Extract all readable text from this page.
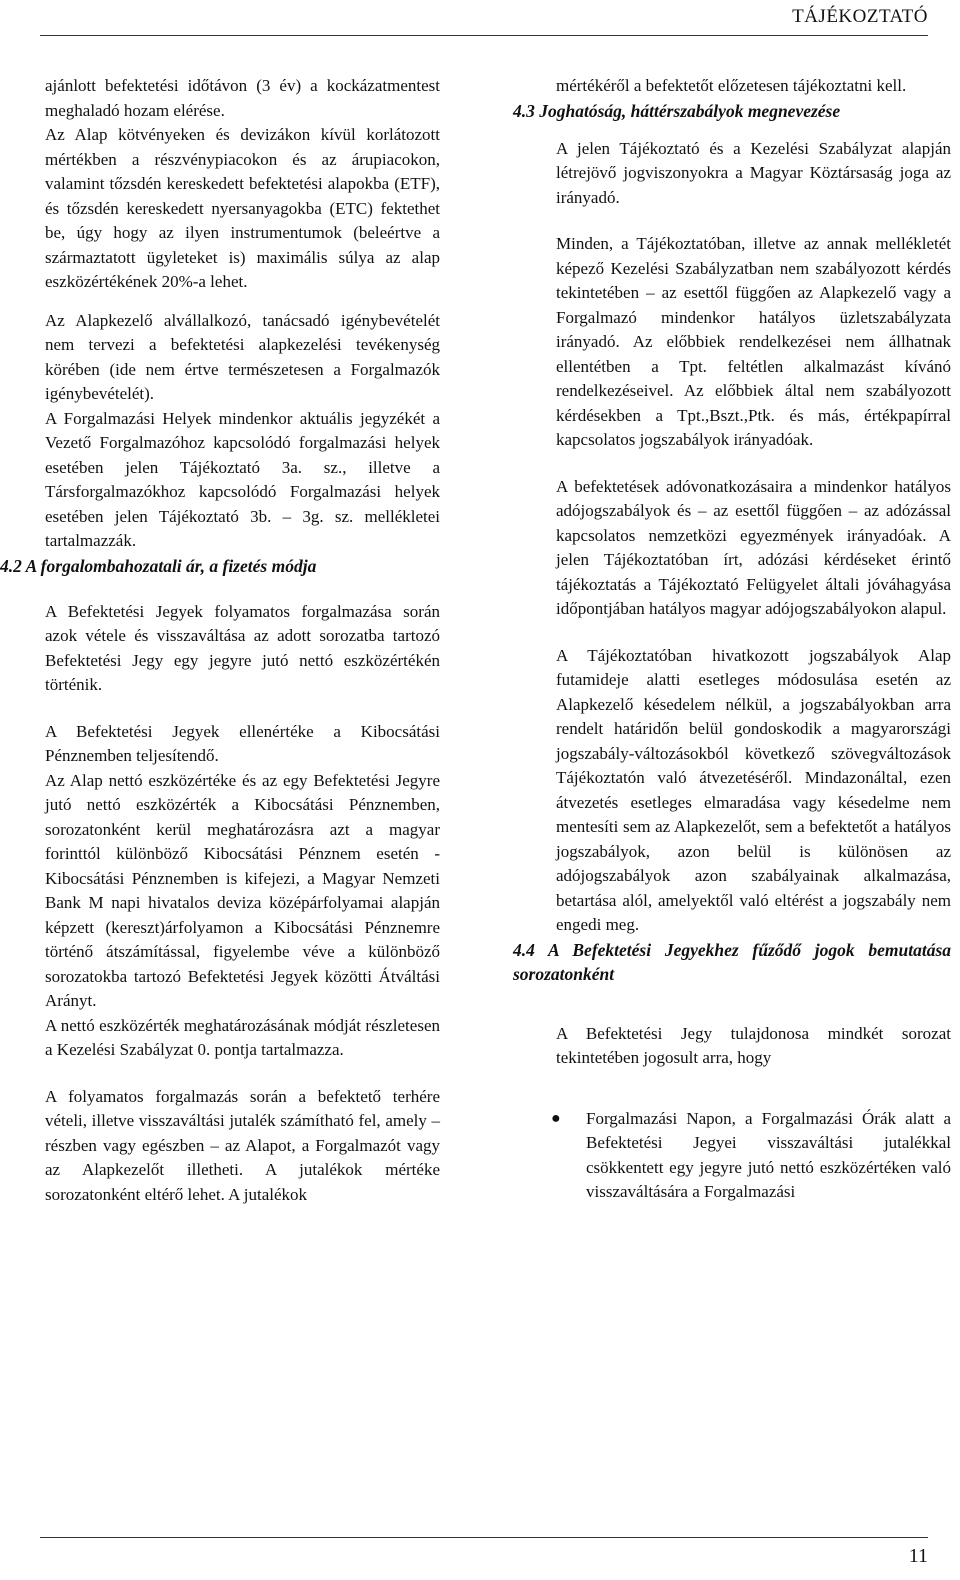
TÁJÉKOZTATÓ

ajánlott befektetési időtávon (3 év) a kockázatmentest meghaladó hozam elérése.

Az Alap kötvényeken és devizákon kívül korlátozott mértékben a részvénypiacokon és az árupiacokon, valamint tőzsdén kereskedett befektetési alapokba (ETF), és tőzsdén kereskedett nyersanyagokba (ETC) fektethet be, úgy hogy az ilyen instrumentumok (beleértve a származtatott ügyleteket is) maximális súlya az alap eszközértékének 20%-a lehet.

Az Alapkezelő alvállalkozó, tanácsadó igénybevételét nem tervezi a befektetési alapkezelési tevékenység körében (ide nem értve természetesen a Forgalmazók igénybevételét).

A Forgalmazási Helyek mindenkor aktuális jegyzékét a Vezető Forgalmazóhoz kapcsolódó forgalmazási helyek esetében jelen Tájékoztató 3a. sz., illetve a Társforgalmazókhoz kapcsolódó Forgalmazási helyek esetében jelen Tájékoztató 3b. – 3g. sz. mellékletei tartalmazzák.

4.2 A forgalombahozatali ár, a fizetés módja

A Befektetési Jegyek folyamatos forgalmazása során azok vétele és visszaváltása az adott sorozatba tartozó Befektetési Jegy egy jegyre jutó nettó eszközértékén történik.

A Befektetési Jegyek ellenértéke a Kibocsátási Pénznemben teljesítendő.

Az Alap nettó eszközértéke és az egy Befektetési Jegyre jutó nettó eszközérték a Kibocsátási Pénznemben, sorozatonként kerül meghatározásra azt a magyar forinttól különböző Kibocsátási Pénznem esetén - Kibocsátási Pénznemben is kifejezi, a Magyar Nemzeti Bank M napi hivatalos deviza középárfolyamai alapján képzett (kereszt)árfolyamon a Kibocsátási Pénznemre történő átszámítással, figyelembe véve a különböző sorozatokba tartozó Befektetési Jegyek közötti Átváltási Arányt.

A nettó eszközérték meghatározásának módját részletesen a Kezelési Szabályzat 0. pontja tartalmazza.

A folyamatos forgalmazás során a befektető terhére vételi, illetve visszaváltási jutalék számítható fel, amely – részben vagy egészben – az Alapot, a Forgalmazót vagy az Alapkezelőt illetheti. A jutalékok mértéke sorozatonként eltérő lehet. A jutalékok

mértékéről a befektetőt előzetesen tájékoztatni kell.

4.3 Joghatóság, háttérszabályok megnevezése

A jelen Tájékoztató és a Kezelési Szabályzat alapján létrejövő jogviszonyokra a Magyar Köztársaság joga az irányadó.

Minden, a Tájékoztatóban, illetve az annak mellékletét képező Kezelési Szabályzatban nem szabályozott kérdés tekintetében – az esettől függően az Alapkezelő vagy a Forgalmazó mindenkor hatályos üzletszabályzata irányadó. Az előbbiek rendelkezései nem állhatnak ellentétben a Tpt. feltétlen alkalmazást kívánó rendelkezéseivel. Az előbbiek által nem szabályozott kérdésekben a Tpt.,Bszt.,Ptk. és más, értékpapírral kapcsolatos jogszabályok irányadóak.

A befektetések adóvonatkozásaira a mindenkor hatályos adójogszabályok és – az esettől függően – az adózással kapcsolatos nemzetközi egyezmények irányadóak. A jelen Tájékoztatóban írt, adózási kérdéseket érintő tájékoztatás a Tájékoztató Felügyelet általi jóváhagyása időpontjában hatályos magyar adójogszabályokon alapul.

A Tájékoztatóban hivatkozott jogszabályok Alap futamideje alatti esetleges módosulása esetén az Alapkezelő késedelem nélkül, a jogszabályokban arra rendelt határidőn belül gondoskodik a magyarországi jogszabály-változásokból következő szövegváltozások Tájékoztatón való átvezetéséről. Mindazonáltal, ezen átvezetés esetleges elmaradása vagy késedelme nem mentesíti sem az Alapkezelőt, sem a befektetőt a hatályos jogszabályok, azon belül is különösen az adójogszabályok azon szabályainak alkalmazása, betartása alól, amelyektől való eltérést a jogszabály nem engedi meg.

4.4 A Befektetési Jegyekhez fűződő jogok bemutatása sorozatonként

A Befektetési Jegy tulajdonosa mindkét sorozat tekintetében jogosult arra, hogy

● Forgalmazási Napon, a Forgalmazási Órák alatt a Befektetési Jegyei visszaváltási jutalékkal csökkentett egy jegyre jutó nettó eszközértéken való visszaváltására a Forgalmazási
11
